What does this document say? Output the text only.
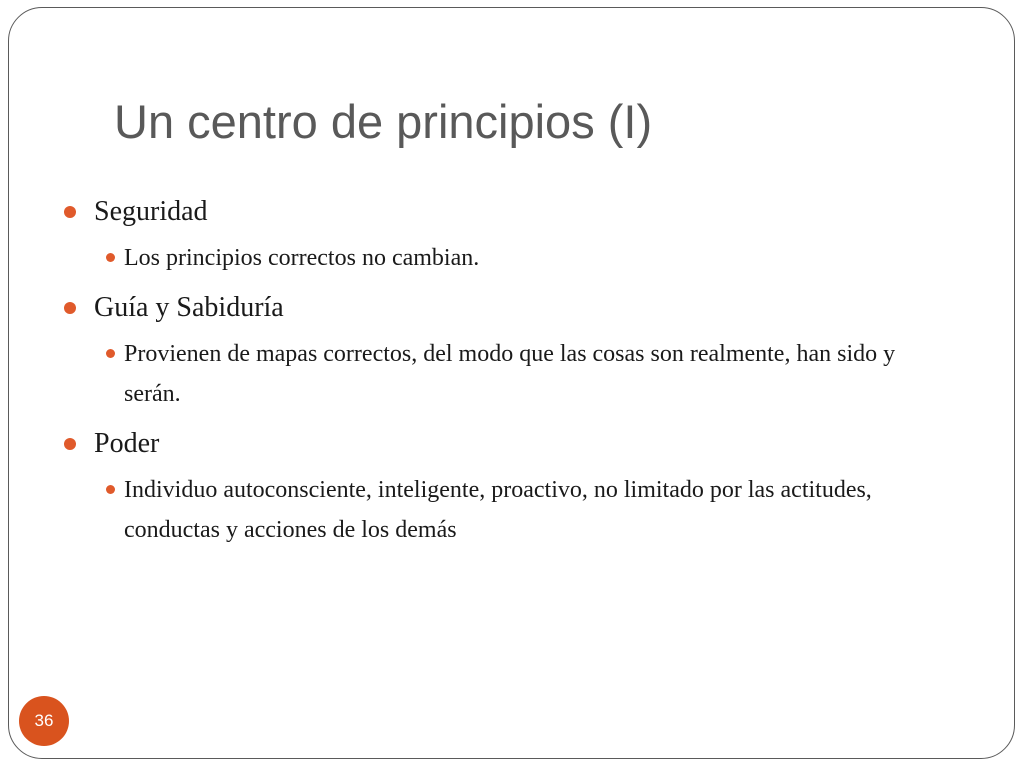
Un centro de principios (I)
Seguridad
Los principios correctos no cambian.
Guía y Sabiduría
Provienen de mapas correctos, del modo que las cosas son realmente, han sido y serán.
Poder
Individuo autoconsciente, inteligente, proactivo, no limitado por las actitudes, conductas y acciones de los demás
36
